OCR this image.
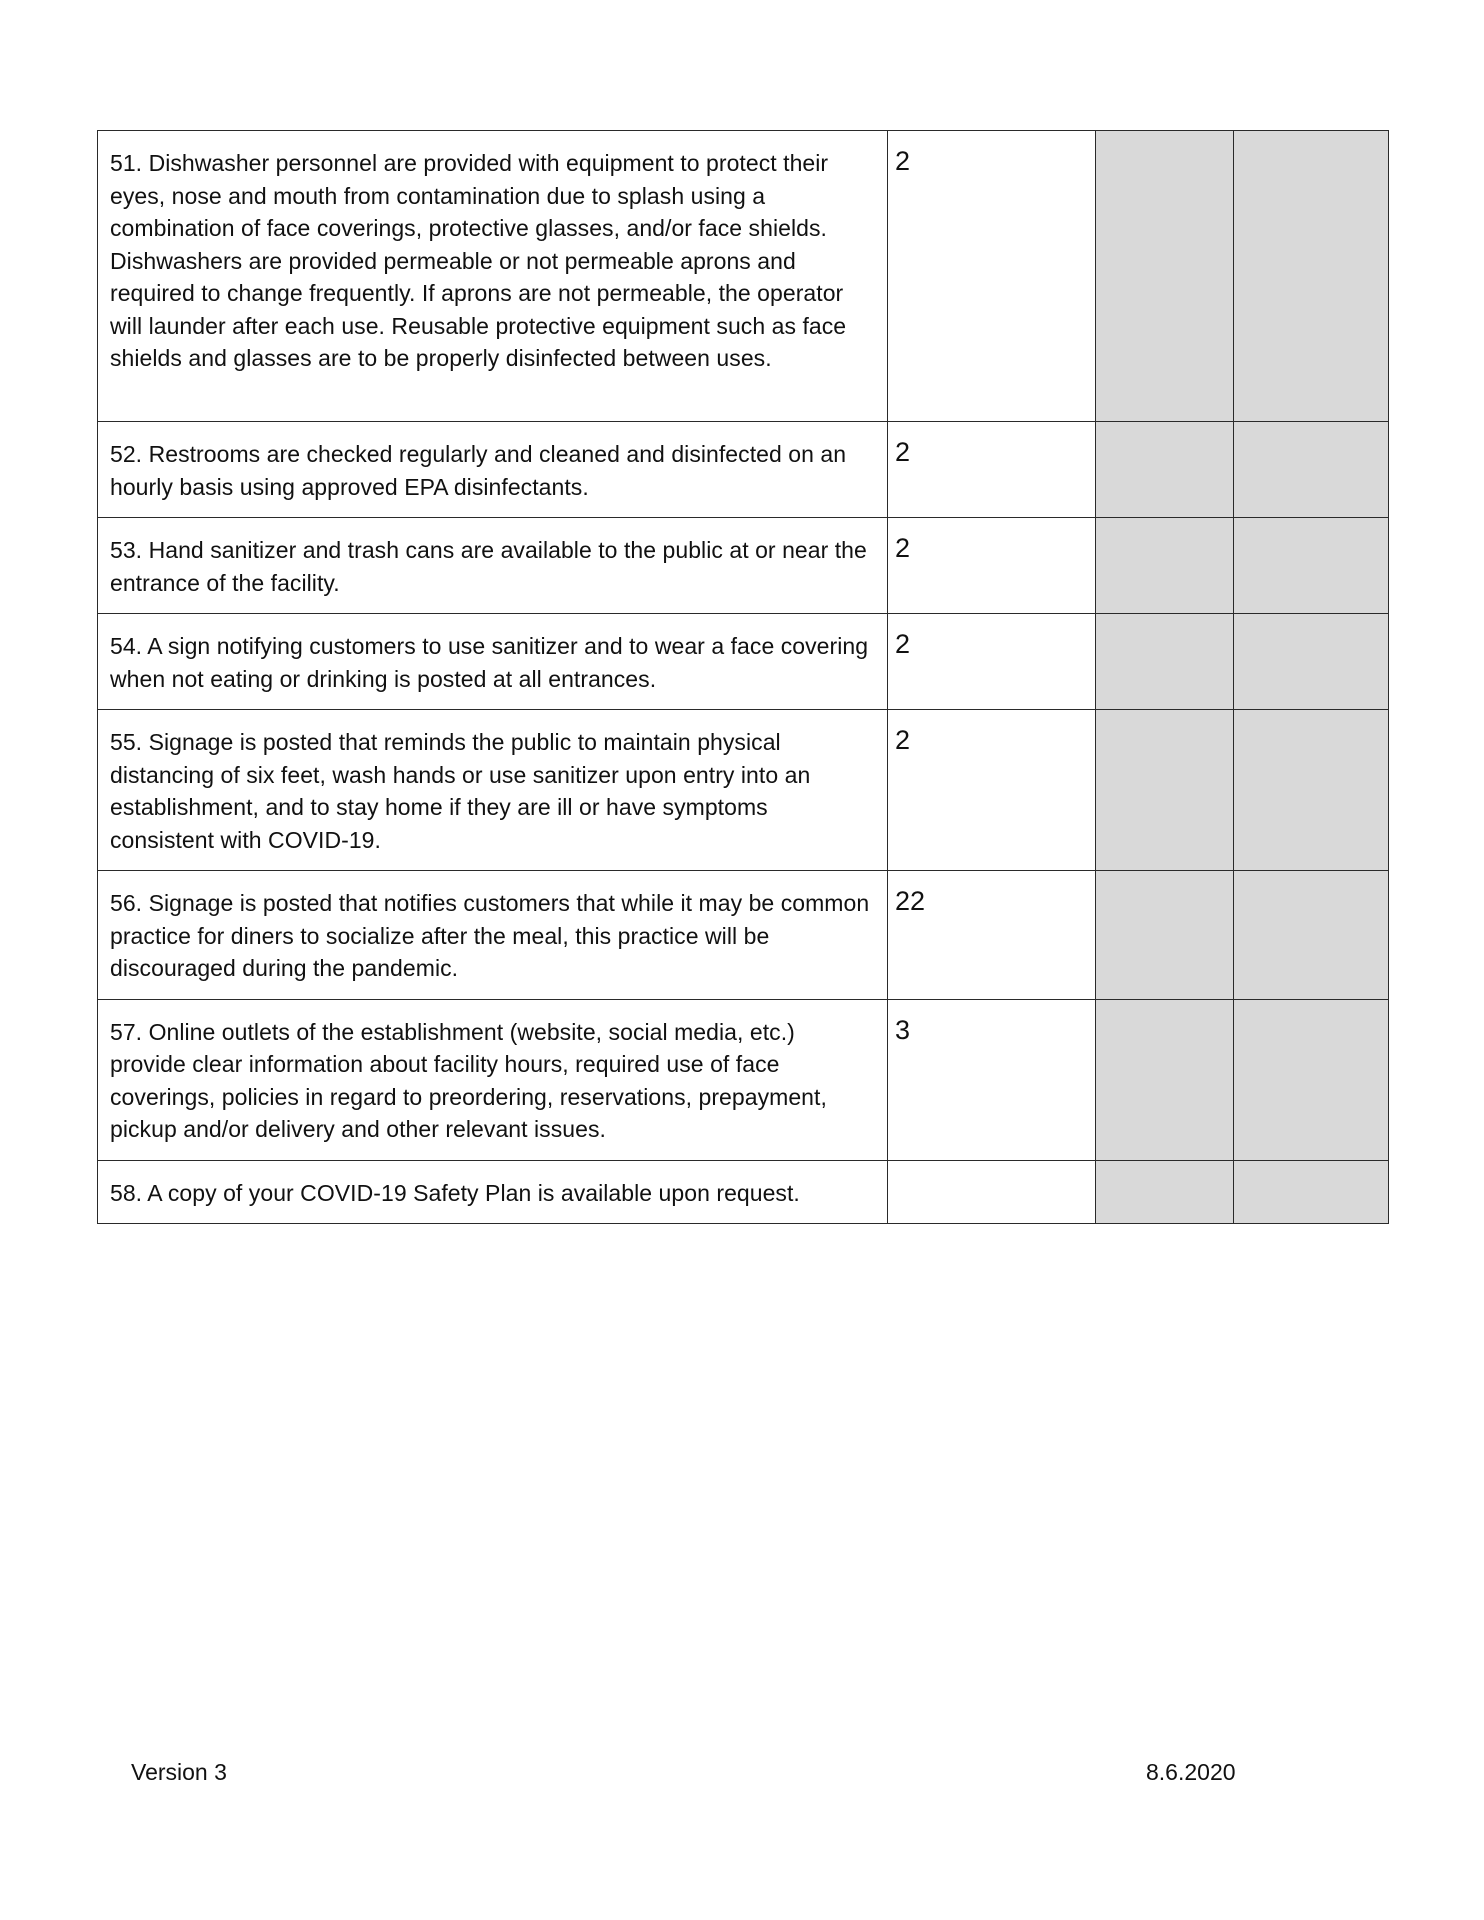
51. Dishwasher personnel are provided with equipment to protect their eyes, nose and mouth from contamination due to splash using a combination of face coverings, protective glasses, and/or face shields. Dishwashers are provided permeable or not permeable aprons and required to change frequently. If aprons are not permeable, the operator will launder after each use. Reusable protective equipment such as face shields and glasses are to be properly disinfected between uses.	2		

52. Restrooms are checked regularly and cleaned and disinfected on an hourly basis using approved EPA disinfectants.	2		

53. Hand sanitizer and trash cans are available to the public at or near the entrance of the facility.	2		

54. A sign notifying customers to use sanitizer and to wear a face covering when not eating or drinking is posted at all entrances.	2		

55. Signage is posted that reminds the public to maintain physical distancing of six feet, wash hands or use sanitizer upon entry into an establishment, and to stay home if they are ill or have symptoms consistent with COVID-19.	2		

56. Signage is posted that notifies customers that while it may be common practice for diners to socialize after the meal, this practice will be discouraged during the pandemic.	22		

57. Online outlets of the establishment (website, social media, etc.) provide clear information about facility hours, required use of face coverings, policies in regard to preordering, reservations, prepayment, pickup and/or delivery and other relevant issues.	3		

58. A copy of your COVID-19 Safety Plan is available upon request.			

Version 3	8.6.2020
